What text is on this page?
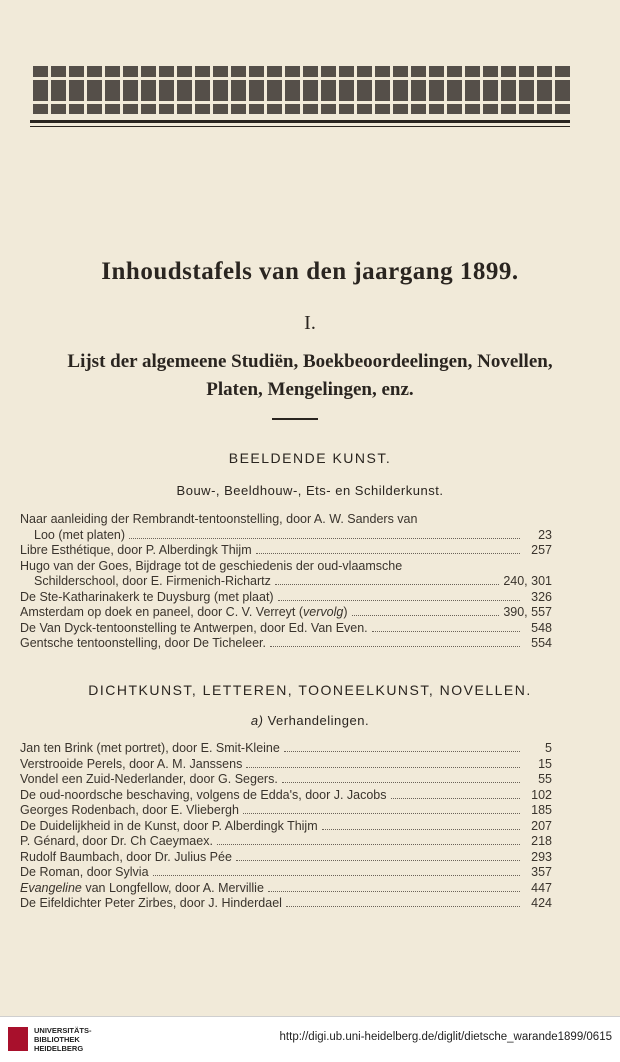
Inhoudstafels van den jaargang 1899.
I.
Lijst der algemeene Studiën, Boekbeoordeelingen, Novellen,
Platen, Mengelingen, enz.
BEELDENDE KUNST.
Bouw-, Beeldhouw-, Ets- en Schilderkunst.
Naar aanleiding der Rembrandt-tentoonstelling, door A. W. Sanders van
Loo (met platen)	23
Libre Esthétique, door P. Alberdingk Thijm	257
Hugo van der Goes, Bijdrage tot de geschiedenis der oud-vlaamsche
Schilderschool, door E. Firmenich-Richartz	240, 301
De Ste-Katharinakerk te Duysburg (met plaat)	326
Amsterdam op doek en paneel, door C. V. Verreyt (vervolg)	390, 557
De Van Dyck-tentoonstelling te Antwerpen, door Ed. Van Even.	548
Gentsche tentoonstelling, door De Ticheleer.	554
DICHTKUNST, LETTEREN, TOONEELKUNST, NOVELLEN.
a) Verhandelingen.
Jan ten Brink (met portret), door E. Smit-Kleine	5
Verstrooide Perels, door A. M. Janssens	15
Vondel een Zuid-Nederlander, door G. Segers.	55
De oud-noordsche beschaving, volgens de Edda's, door J. Jacobs	102
Georges Rodenbach, door E. Vliebergh	185
De Duidelijkheid in de Kunst, door P. Alberdingk Thijm	207
P. Génard, door Dr. Ch Caeymaex.	218
Rudolf Baumbach, door Dr. Julius Pée	293
De Roman, door Sylvia	357
Evangeline van Longfellow, door A. Mervillie	447
De Eifeldichter Peter Zirbes, door J. Hinderdael	424
UNIVERSITÄTS-
BIBLIOTHEK
HEIDELBERG
http://digi.ub.uni-heidelberg.de/diglit/dietsche_warande1899/0615
